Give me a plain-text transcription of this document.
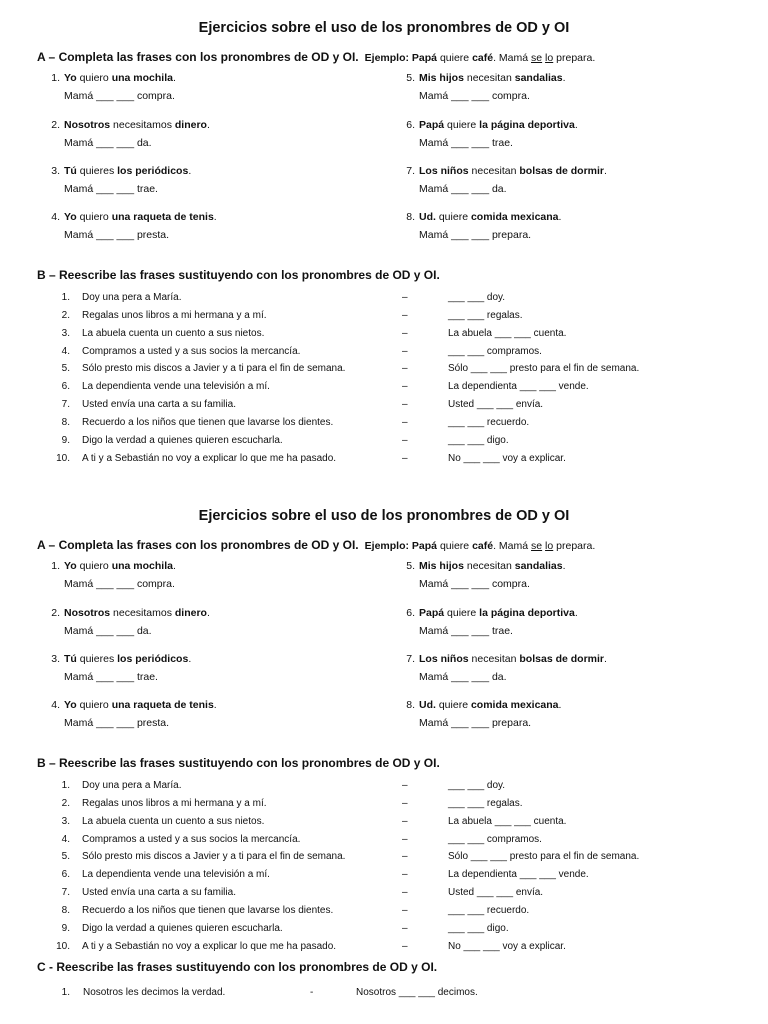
Ejercicios sobre el uso de los pronombres de OD y OI
A – Completa las frases con los pronombres de OD y OI. Ejemplo: Papá quiere café. Mamá se lo prepara.
1. Yo quiero una mochila.
Mamá ___ ___ compra.
2. Nosotros necesitamos dinero.
Mamá ___ ___ da.
3. Tú quieres los periódicos.
Mamá ___ ___ trae.
4. Yo quiero una raqueta de tenis.
Mamá ___ ___ presta.
5. Mis hijos necesitan sandalias.
Mamá ___ ___ compra.
6. Papá quiere la página deportiva.
Mamá ___ ___ trae.
7. Los niños necesitan bolsas de dormir.
Mamá ___ ___ da.
8. Ud. quiere comida mexicana.
Mamá ___ ___ prepara.
B – Reescribe las frases sustituyendo con los pronombres de OD y OI.
1. Doy una pera a María.	–	___ ___ doy.
2. Regalas unos libros a mi hermana y a mí.	–	___ ___ regalas.
3. La abuela cuenta un cuento a sus nietos.	–	La abuela ___ ___ cuenta.
4. Compramos a usted y a sus socios la mercancía.	–	___ ___ compramos.
5. Sólo presto mis discos a Javier y a ti para el fin de semana.	–	Sólo ___ ___ presto para el fin de semana.
6. La dependienta vende una televisión a mí.	–	La dependienta ___ ___ vende.
7. Usted envía una carta a su familia.	–	Usted ___ ___ envía.
8. Recuerdo a los niños que tienen que lavarse los dientes.	–	___ ___ recuerdo.
9. Digo la verdad a quienes quieren escucharla.	–	___ ___ digo.
10. A ti y a Sebastián no voy a explicar lo que me ha pasado.	–	No ___ ___ voy a explicar.
Ejercicios sobre el uso de los pronombres de OD y OI
A – Completa las frases con los pronombres de OD y OI. Ejemplo: Papá quiere café. Mamá se lo prepara.
1. Yo quiero una mochila.
Mamá ___ ___ compra.
2. Nosotros necesitamos dinero.
Mamá ___ ___ da.
3. Tú quieres los periódicos.
Mamá ___ ___ trae.
4. Yo quiero una raqueta de tenis.
Mamá ___ ___ presta.
5. Mis hijos necesitan sandalias.
Mamá ___ ___ compra.
6. Papá quiere la página deportiva.
Mamá ___ ___ trae.
7. Los niños necesitan bolsas de dormir.
Mamá ___ ___ da.
8. Ud. quiere comida mexicana.
Mamá ___ ___ prepara.
B – Reescribe las frases sustituyendo con los pronombres de OD y OI.
1. Doy una pera a María.	–	___ ___ doy.
2. Regalas unos libros a mi hermana y a mí.	–	___ ___ regalas.
3. La abuela cuenta un cuento a sus nietos.	–	La abuela ___ ___ cuenta.
4. Compramos a usted y a sus socios la mercancía.	–	___ ___ compramos.
5. Sólo presto mis discos a Javier y a ti para el fin de semana.	–	Sólo ___ ___ presto para el fin de semana.
6. La dependienta vende una televisión a mí.	–	La dependienta ___ ___ vende.
7. Usted envía una carta a su familia.	–	Usted ___ ___ envía.
8. Recuerdo a los niños que tienen que lavarse los dientes.	–	___ ___ recuerdo.
9. Digo la verdad a quienes quieren escucharla.	–	___ ___ digo.
10. A ti y a Sebastián no voy a explicar lo que me ha pasado.	–	No ___ ___ voy a explicar.
C - Reescribe las frases sustituyendo con los pronombres de OD y OI.
1. Nosotros les decimos la verdad.	-	Nosotros ___ ___ decimos.
